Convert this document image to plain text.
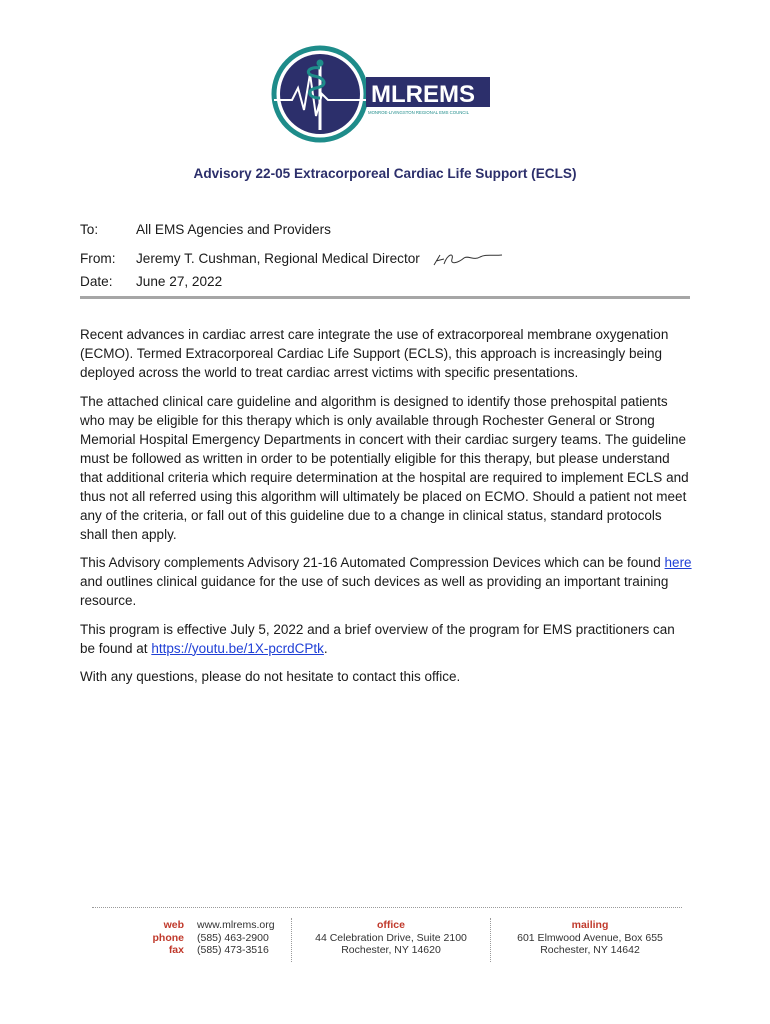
MLREMS
MONROE-LIVINGSTON REGIONAL EMS COUNCIL
Advisory 22-05 Extracorporeal Cardiac Life Support (ECLS)
To:	All EMS Agencies and Providers
From: Jeremy T. Cushman, Regional Medical Director
Date: June 27, 2022

Recent advances in cardiac arrest care integrate the use of extracorporeal membrane oxygenation (ECMO). Termed Extracorporeal Cardiac Life Support (ECLS), this approach is increasingly being deployed across the world to treat cardiac arrest victims with specific presentations.

The attached clinical care guideline and algorithm is designed to identify those prehospital patients who may be eligible for this therapy which is only available through Rochester General or Strong Memorial Hospital Emergency Departments in concert with their cardiac surgery teams. The guideline must be followed as written in order to be potentially eligible for this therapy, but please understand that additional criteria which require determination at the hospital are required to implement ECLS and thus not all referred using this algorithm will ultimately be placed on ECMO. Should a patient not meet any of the criteria, or fall out of this guideline due to a change in clinical status, standard protocols shall then apply.

This Advisory complements Advisory 21-16 Automated Compression Devices which can be found here and outlines clinical guidance for the use of such devices as well as providing an important training resource.

This program is effective July 5, 2022 and a brief overview of the program for EMS practitioners can be found at https://youtu.be/1X-pcrdCPtk.

With any questions, please do not hesitate to contact this office.

web
phone
fax
www.mlrems.org
(585) 463-2900
(585) 473-3516
office
44 Celebration Drive, Suite 2100
Rochester, NY 14620
mailing
601 Elmwood Avenue, Box 655
Rochester, NY 14642
